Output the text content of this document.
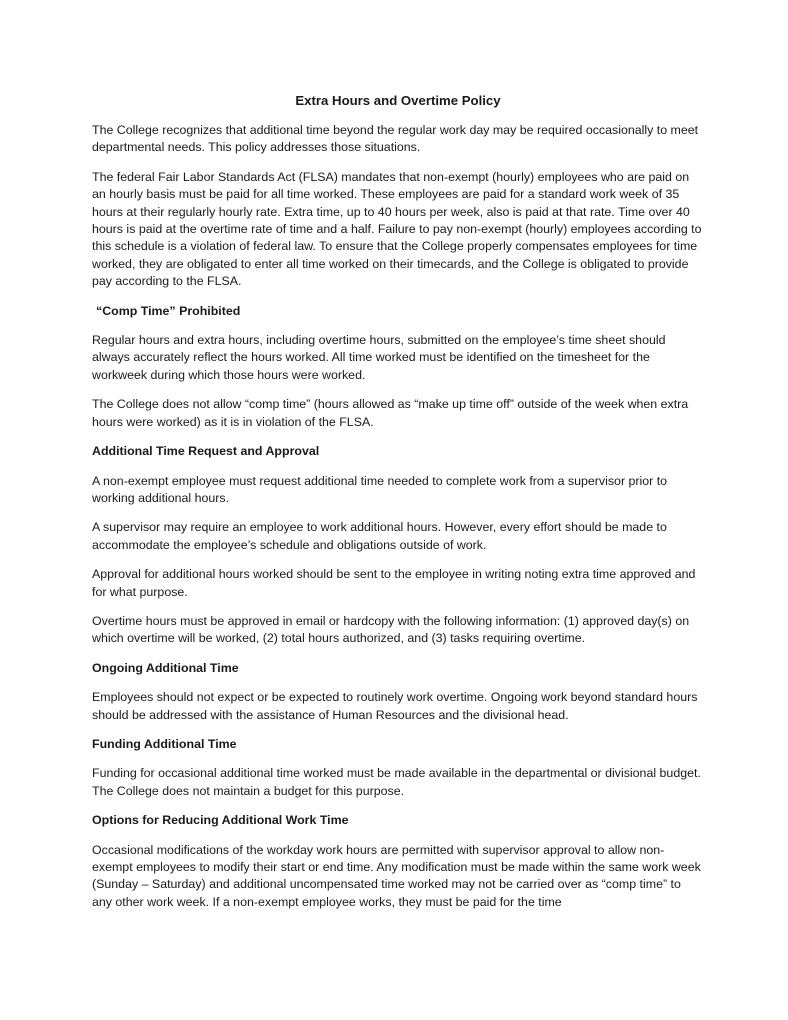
Extra Hours and Overtime Policy

The College recognizes that additional time beyond the regular work day may be required occasionally to meet departmental needs. This policy addresses those situations.

The federal Fair Labor Standards Act (FLSA) mandates that non-exempt (hourly) employees who are paid on an hourly basis must be paid for all time worked. These employees are paid for a standard work week of 35 hours at their regularly hourly rate. Extra time, up to 40 hours per week, also is paid at that rate. Time over 40 hours is paid at the overtime rate of time and a half. Failure to pay non-exempt (hourly) employees according to this schedule is a violation of federal law. To ensure that the College properly compensates employees for time worked, they are obligated to enter all time worked on their timecards, and the College is obligated to provide pay according to the FLSA.

“Comp Time” Prohibited

Regular hours and extra hours, including overtime hours, submitted on the employee’s time sheet should always accurately reflect the hours worked. All time worked must be identified on the timesheet for the workweek during which those hours were worked.

The College does not allow “comp time” (hours allowed as “make up time off” outside of the week when extra hours were worked) as it is in violation of the FLSA.

Additional Time Request and Approval

A non-exempt employee must request additional time needed to complete work from a supervisor prior to working additional hours.

A supervisor may require an employee to work additional hours. However, every effort should be made to accommodate the employee’s schedule and obligations outside of work.

Approval for additional hours worked should be sent to the employee in writing noting extra time approved and for what purpose.

Overtime hours must be approved in email or hardcopy with the following information: (1) approved day(s) on which overtime will be worked, (2) total hours authorized, and (3) tasks requiring overtime.

Ongoing Additional Time

Employees should not expect or be expected to routinely work overtime. Ongoing work beyond standard hours should be addressed with the assistance of Human Resources and the divisional head.

Funding Additional Time

Funding for occasional additional time worked must be made available in the departmental or divisional budget. The College does not maintain a budget for this purpose.

Options for Reducing Additional Work Time

Occasional modifications of the workday work hours are permitted with supervisor approval to allow non-exempt employees to modify their start or end time. Any modification must be made within the same work week (Sunday – Saturday) and additional uncompensated time worked may not be carried over as “comp time” to any other work week. If a non-exempt employee works, they must be paid for the time
